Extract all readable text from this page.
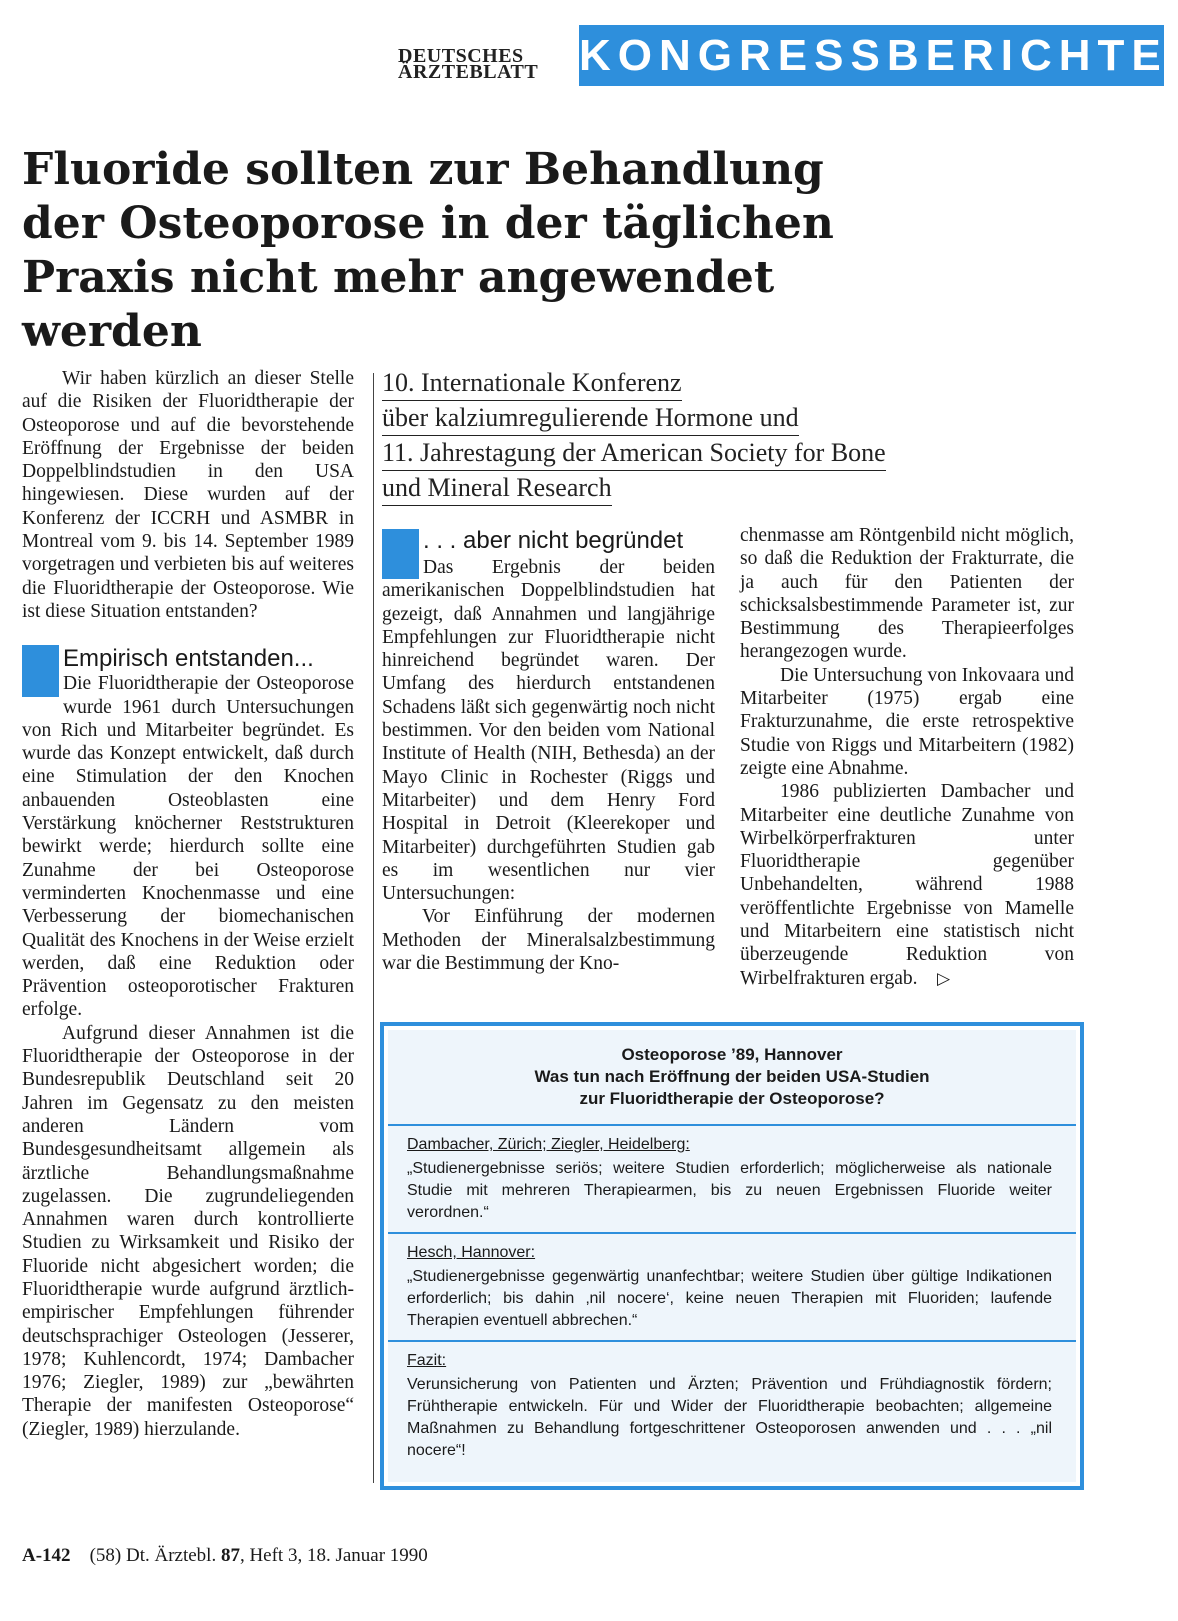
DEUTSCHES
ÄRZTEBLATT KONGRESSBERICHTE
Fluoride sollten zur Behandlung der Osteoporose in der täglichen Praxis nicht mehr angewendet werden

Wir haben kürzlich an dieser Stelle auf die Risiken der Fluoridtherapie der Osteoporose und auf die bevorstehende Eröffnung der Ergebnisse der beiden Doppelblindstudien in den USA hingewiesen. Diese wurden auf der Konferenz der ICCRH und ASMBR in Montreal vom 9. bis 14. September 1989 vorgetragen und verbieten bis auf weiteres die Fluoridtherapie der Osteoporose. Wie ist diese Situation entstanden?

Empirisch entstanden...

Die Fluoridtherapie der Osteoporose wurde 1961 durch Untersuchungen von Rich und Mitarbeiter begründet. Es wurde das Konzept entwickelt, daß durch eine Stimulation der den Knochen anbauenden Osteoblasten eine Verstärkung knöcherner Reststrukturen bewirkt werde; hierdurch sollte eine Zunahme der bei Osteoporose verminderten Knochenmasse und eine Verbesserung der biomechanischen Qualität des Knochens in der Weise erzielt werden, daß eine Reduktion oder Prävention osteoporotischer Frakturen erfolge.

Aufgrund dieser Annahmen ist die Fluoridtherapie der Osteoporose in der Bundesrepublik Deutschland seit 20 Jahren im Gegensatz zu den meisten anderen Ländern vom Bundesgesundheitsamt allgemein als ärztliche Behandlungsmaßnahme zugelassen. Die zugrundeliegenden Annahmen waren durch kontrollierte Studien zu Wirksamkeit und Risiko der Fluoride nicht abgesichert worden; die Fluoridtherapie wurde aufgrund ärztlich-empirischer Empfehlungen führender deutschsprachiger Osteologen (Jesserer, 1978; Kuhlencordt, 1974; Dambacher 1976; Ziegler, 1989) zur „bewährten Therapie der manifesten Osteoporose“ (Ziegler, 1989) hierzulande.

10. Internationale Konferenz
über kalziumregulierende Hormone und
11. Jahrestagung der American Society for Bone
und Mineral Research
. . . aber nicht begründet

Das Ergebnis der beiden amerikanischen Doppelblindstudien hat gezeigt, daß Annahmen und langjährige Empfehlungen zur Fluoridtherapie nicht hinreichend begründet waren. Der Umfang des hierdurch entstandenen Schadens läßt sich gegenwärtig noch nicht bestimmen. Vor den beiden vom National Institute of Health (NIH, Bethesda) an der Mayo Clinic in Rochester (Riggs und Mitarbeiter) und dem Henry Ford Hospital in Detroit (Kleerekoper und Mitarbeiter) durchgeführten Studien gab es im wesentlichen nur vier Untersuchungen:

Vor Einführung der modernen Methoden der Mineralsalzbestimmung war die Bestimmung der Kno-

chenmasse am Röntgenbild nicht möglich, so daß die Reduktion der Frakturrate, die ja auch für den Patienten der schicksalsbestimmende Parameter ist, zur Bestimmung des Therapieerfolges herangezogen wurde.

Die Untersuchung von Inkovaara und Mitarbeiter (1975) ergab eine Frakturzunahme, die erste retrospektive Studie von Riggs und Mitarbeitern (1982) zeigte eine Abnahme.

1986 publizierten Dambacher und Mitarbeiter eine deutliche Zunahme von Wirbelkörperfrakturen unter Fluoridtherapie gegenüber Unbehandelten, während 1988 veröffentlichte Ergebnisse von Mamelle und Mitarbeitern eine statistisch nicht überzeugende Reduktion von Wirbelfrakturen ergab. ▷

Osteoporose ’89, Hannover
Was tun nach Eröffnung der beiden USA-Studien
zur Fluoridtherapie der Osteoporose?
Dambacher, Zürich; Ziegler, Heidelberg:
„Studienergebnisse seriös; weitere Studien erforderlich; möglicherweise als nationale Studie mit mehreren Therapiearmen, bis zu neuen Ergebnissen Fluoride weiter verordnen.“
Hesch, Hannover:
„Studienergebnisse gegenwärtig unanfechtbar; weitere Studien über gültige Indikationen erforderlich; bis dahin ‚nil nocere‘, keine neuen Therapien mit Fluoriden; laufende Therapien eventuell abbrechen.“
Fazit:
Verunsicherung von Patienten und Ärzten; Prävention und Frühdiagnostik fördern; Frühtherapie entwickeln. Für und Wider der Fluoridtherapie beobachten; allgemeine Maßnahmen zu Behandlung fortgeschrittener Osteoporosen anwenden und . . . „nil nocere“!
A-142 (58) Dt. Ärztebl. 87, Heft 3, 18. Januar 1990
